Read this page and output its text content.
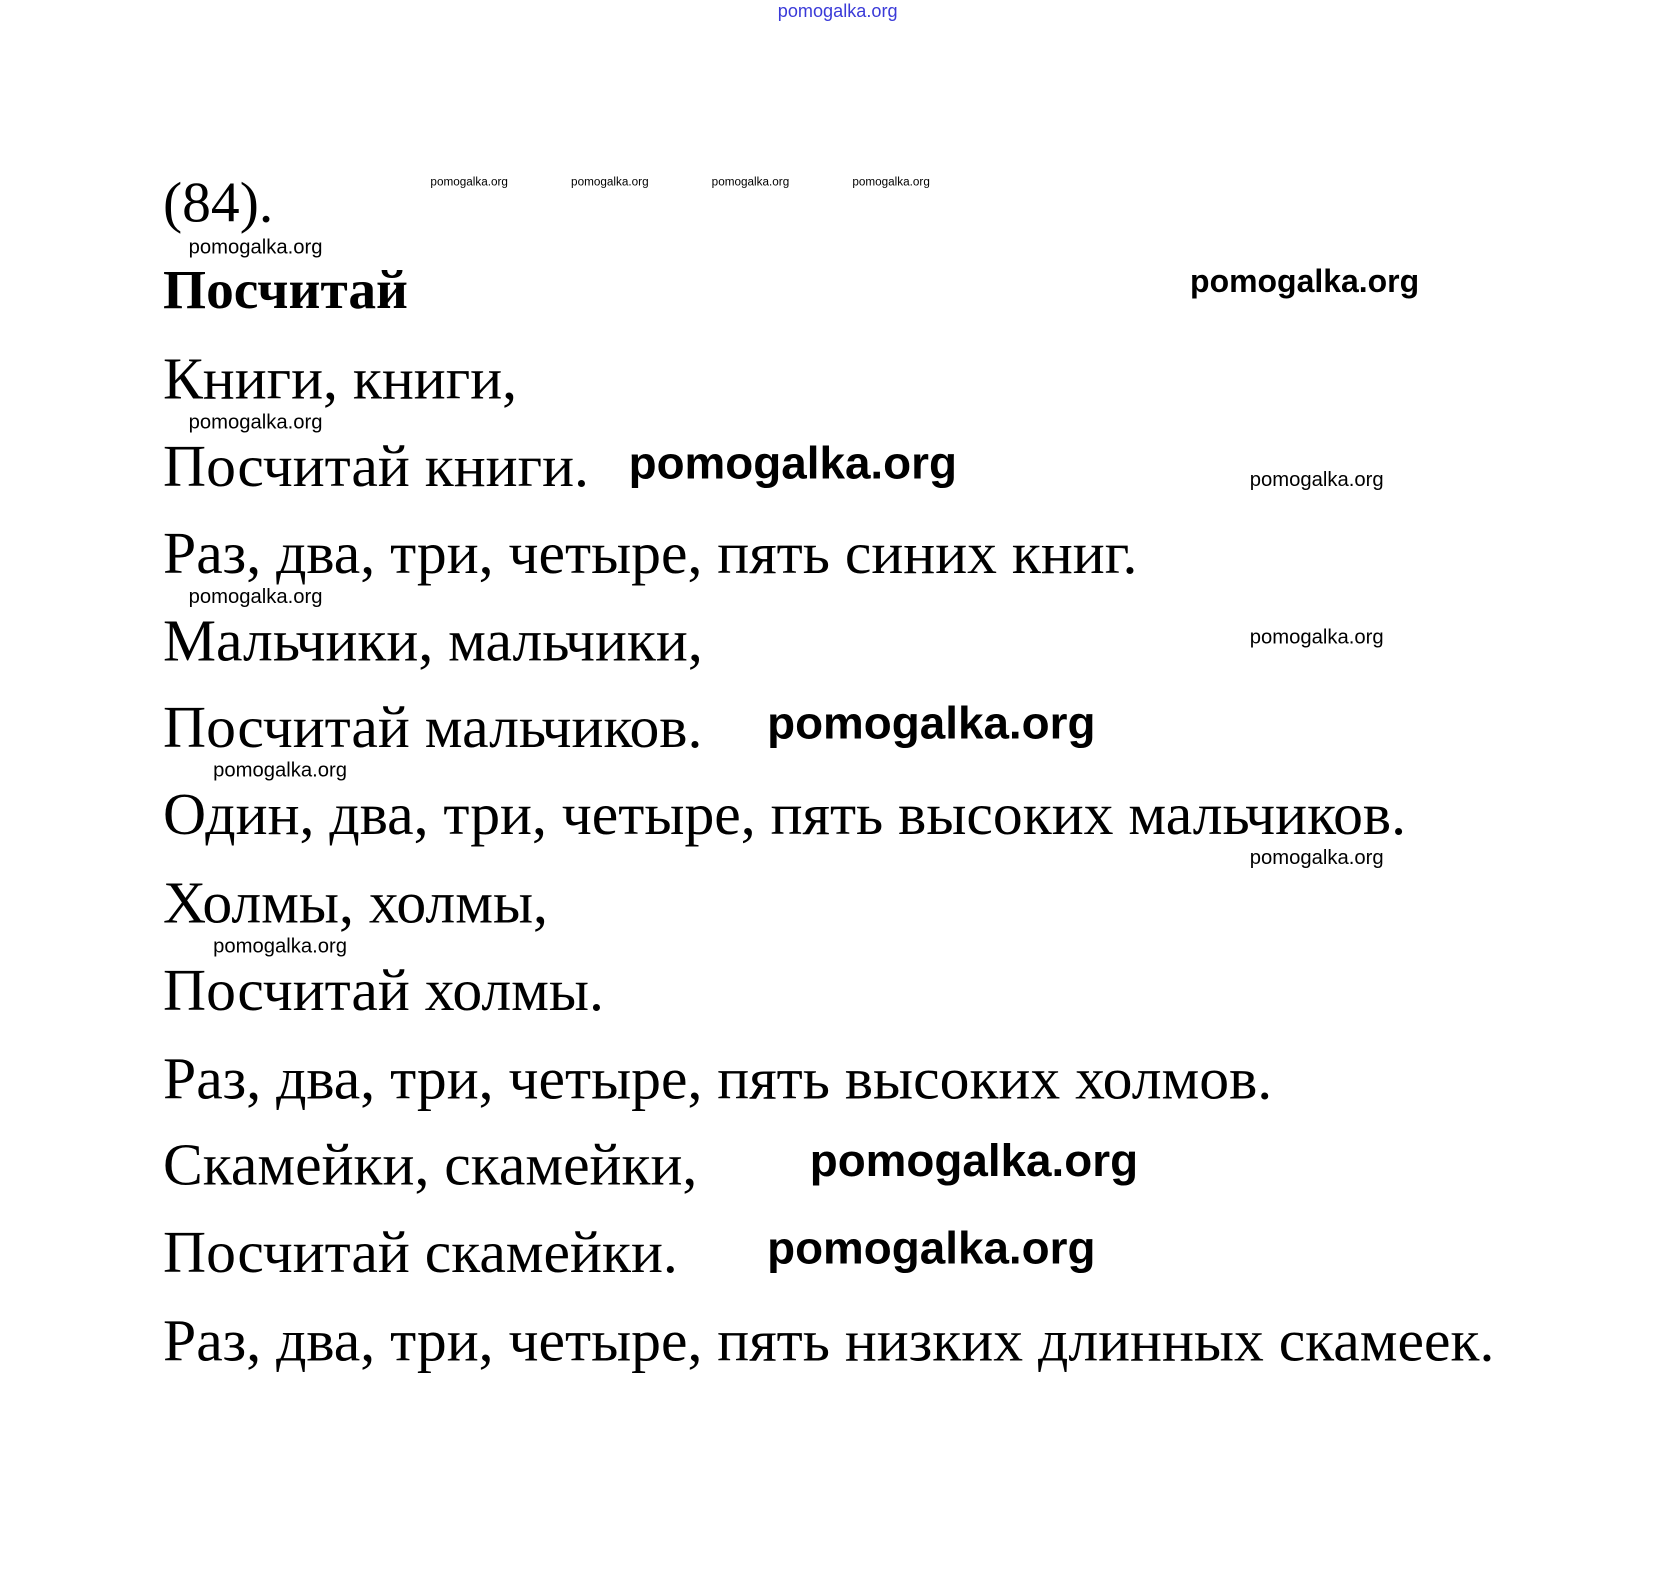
pomogalka.org
(84).	pomogalka.org	pomogalka.org	pomogalka.org	pomogalka.org
pomogalka.org
Посчитай	pomogalka.org
Книги, книги,
pomogalka.org
Посчитай книги. pomogalka.org	pomogalka.org
Раз, два, три, четыре, пять синих книг.
pomogalka.org
Мальчики, мальчики,	pomogalka.org
Посчитай мальчиков. pomogalka.org
pomogalka.org
Один, два, три, четыре, пять высоких мальчиков.
pomogalka.org
Холмы, холмы,
pomogalka.org
Посчитай холмы.
Раз, два, три, четыре, пять высоких холмов.
Скамейки, скамейки,	pomogalka.org
Посчитай скамейки. pomogalka.org
Раз, два, три, четыре, пять низких длинных скамеек.
